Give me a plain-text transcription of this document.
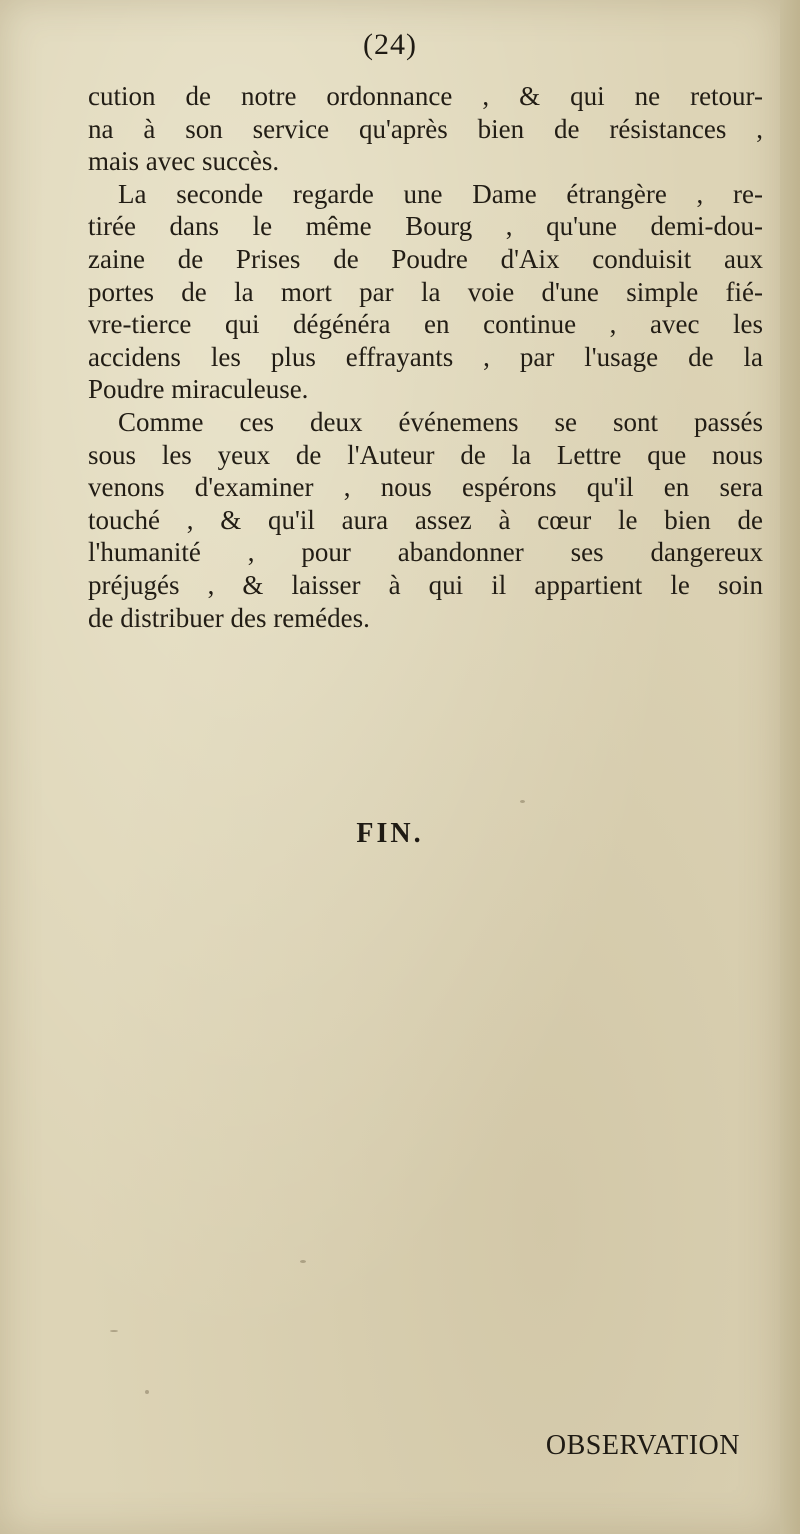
(24)
cution de notre ordonnance , & qui ne retour-
na à son service qu'après bien de résistances ,
mais avec succès.
La seconde regarde une Dame étrangère , re-
tirée dans le même Bourg , qu'une demi-dou-
zaine de Prises de Poudre d'Aix conduisit aux
portes de la mort par la voie d'une simple fié-
vre-tierce qui dégénéra en continue , avec les
accidens les plus effrayants , par l'usage de la
Poudre miraculeuse.
Comme ces deux événemens se sont passés
sous les yeux de l'Auteur de la Lettre que nous
venons d'examiner , nous espérons qu'il en sera
touché , & qu'il aura assez à cœur le bien de
l'humanité , pour abandonner ses dangereux
préjugés , & laisser à qui il appartient le soin
de distribuer des remédes.
FIN.
OBSERVATION
